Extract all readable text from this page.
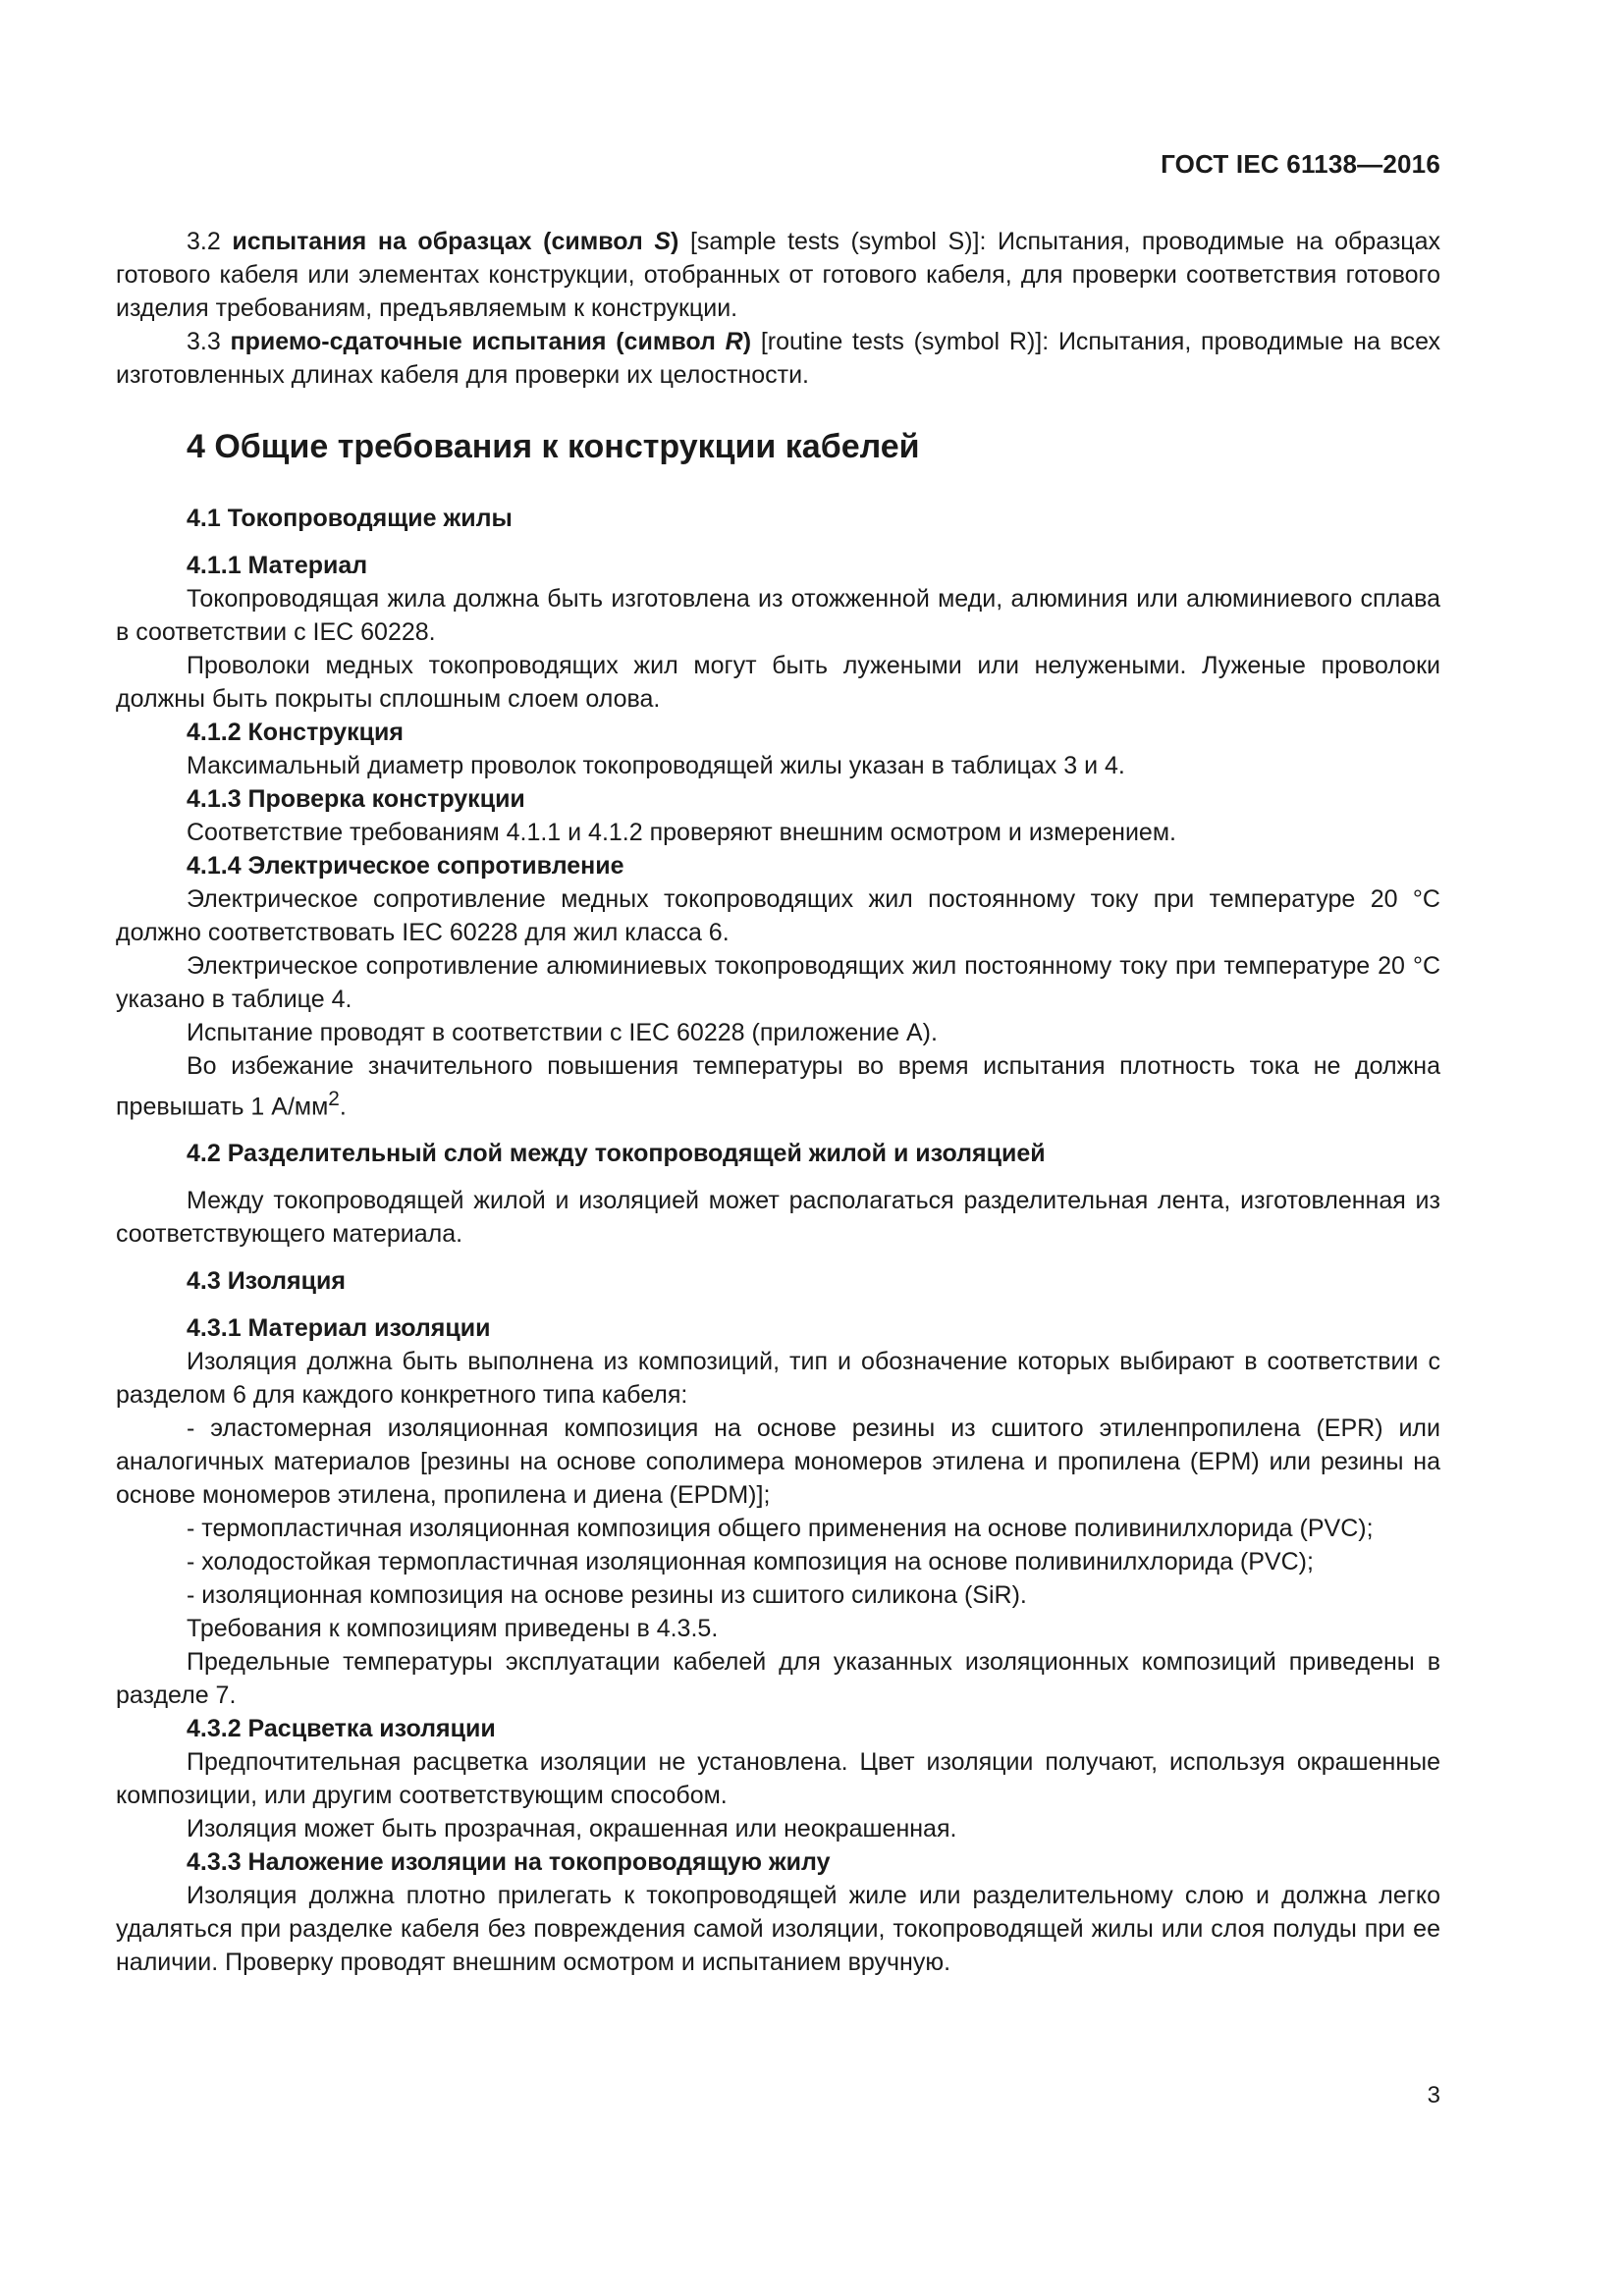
ГОСТ IEC 61138—2016

3.2 испытания на образцах (символ S) [sample tests (symbol S)]: Испытания, проводимые на образцах готового кабеля или элементах конструкции, отобранных от готового кабеля, для проверки соответствия готового изделия требованиям, предъявляемым к конструкции.

3.3 приемо-сдаточные испытания (символ R) [routine tests (symbol R)]: Испытания, проводимые на всех изготовленных длинах кабеля для проверки их целостности.

4 Общие требования к конструкции кабелей

4.1 Токопроводящие жилы

4.1.1 Материал

Токопроводящая жила должна быть изготовлена из отожженной меди, алюминия или алюминиевого сплава в соответствии с IEC 60228.

Проволоки медных токопроводящих жил могут быть лужеными или нелужеными. Луженые проволоки должны быть покрыты сплошным слоем олова.

4.1.2 Конструкция

Максимальный диаметр проволок токопроводящей жилы указан в таблицах 3 и 4.

4.1.3 Проверка конструкции

Соответствие требованиям 4.1.1 и 4.1.2 проверяют внешним осмотром и измерением.

4.1.4 Электрическое сопротивление

Электрическое сопротивление медных токопроводящих жил постоянному току при температуре 20 °С должно соответствовать IEC 60228 для жил класса 6.

Электрическое сопротивление алюминиевых токопроводящих жил постоянному току при температуре 20 °С указано в таблице 4.

Испытание проводят в соответствии с IEC 60228 (приложение А).

Во избежание значительного повышения температуры во время испытания плотность тока не должна превышать 1 $А/мм^2$.

4.2 Разделительный слой между токопроводящей жилой и изоляцией

Между токопроводящей жилой и изоляцией может располагаться разделительная лента, изготовленная из соответствующего материала.

4.3 Изоляция

4.3.1 Материал изоляции

Изоляция должна быть выполнена из композиций, тип и обозначение которых выбирают в соответствии с разделом 6 для каждого конкретного типа кабеля:

- эластомерная изоляционная композиция на основе резины из сшитого этиленпропилена (EPR) или аналогичных материалов [резины на основе сополимера мономеров этилена и пропилена (EPM) или резины на основе мономеров этилена, пропилена и диена (EPDM)];

- термопластичная изоляционная композиция общего применения на основе поливинилхлорида (PVC);

- холодостойкая термопластичная изоляционная композиция на основе поливинилхлорида (PVC);

- изоляционная композиция на основе резины из сшитого силикона (SiR).

Требования к композициям приведены в 4.3.5.

Предельные температуры эксплуатации кабелей для указанных изоляционных композиций приведены в разделе 7.

4.3.2 Расцветка изоляции

Предпочтительная расцветка изоляции не установлена. Цвет изоляции получают, используя окрашенные композиции, или другим соответствующим способом.

Изоляция может быть прозрачная, окрашенная или неокрашенная.

4.3.3 Наложение изоляции на токопроводящую жилу

Изоляция должна плотно прилегать к токопроводящей жиле или разделительному слою и должна легко удаляться при разделке кабеля без повреждения самой изоляции, токопроводящей жилы или слоя полуды при ее наличии. Проверку проводят внешним осмотром и испытанием вручную.

3
